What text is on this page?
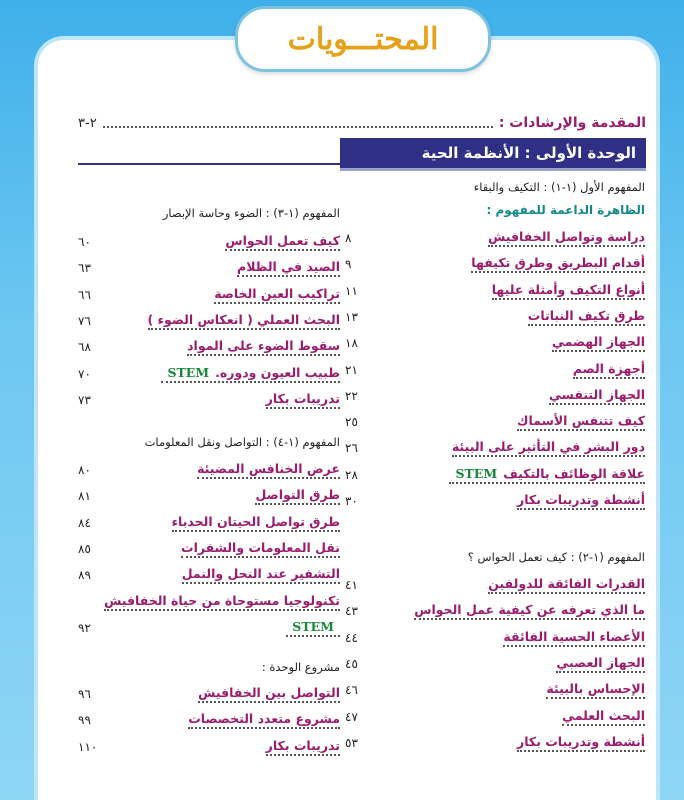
المحتـــويات
المقدمة والإرشادات :
٢-٣
الوحدة الأولى : الأنظمة الحية
المفهوم الأول (١-١) : التكيف والبقاء
الظاهرة الداعمة للمفهوم :
دراسة وتواصل الخفافيش
٨
أقدام البطريق وطرق تكيفها
٩
أنواع التكيف وأمثلة عليها
١١
طرق تكيف النباتات
١٣
الجهاز الهضمي
١٨
أجهزة الصم
٢١
الجهاز التنفسي
٢٢
كيف تتنفس الأسماك
٢٥
دور البشر في التأثير على البيئة
٢٦
علاقة الوظائف بالتكيفSTEM
٢٨
أنشطة وتدريبات بكار
٣٠
المفهوم (١-٢) : كيف تعمل الحواس ؟
القدرات الفائقة للدولفين
٤١
ما الذي تعرفه عن كيفية عمل الحواس
٤٣
الأعضاء الحسية الفائقة
٤٤
الجهاز العصبي
٤٥
الإحساس بالبيئة
٤٦
البحث العلمي
٤٧
أنشطة وتدريبات بكار
٥٣
المفهوم (١-٣) : الضوء وحاسة الإبصار
كيف تعمل الحواس
٦٠
الصيد في الظلام
٦٣
تراكيب العين الخاصة
٦٦
البحث العملي ( انعكاس الضوء )
٧٦
سقوط الضوء على المواد
٦٨
طبيب العيون ودوره.STEM
٧٠
تدريبات بكار
٧٣
المفهوم (١-٤) : التواصل ونقل المعلومات
عرض الخنافس المضيئة
٨٠
طرق التواصل
٨١
طرق تواصل الحيتان الحدباء
٨٤
نقل المعلومات والشفرات
٨٥
التشفير عند النحل والنمل
٨٩
تكنولوجيا مستوحاة من حياة الخفافيش
STEM
٩٢
مشروع الوحدة :
التواصل بين الخفافيش
٩٦
مشروع متعدد التخصصات
٩٩
تدريبات بكار
١١٠
